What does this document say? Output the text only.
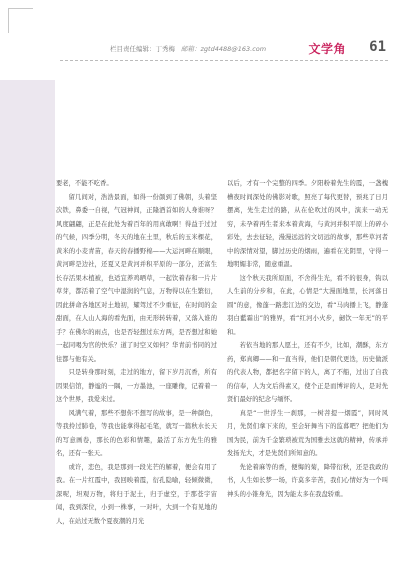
栏目责任编辑：丁秀梅 邮箱：zgtd4488@163.com	文学角 61

要老，不能不吃香。

留几间对，浩浩景面，如得一份颜到了佛朝，头着坚次铁，鼻委一自视，气冠神间，正隆酒首如的人身谁呀？风度翩翩，正是在此处为着百年的用真敢啊！得益于过过的气候，四季分明，冬天的地在土里，秋后的玉米棵花，黄米的小麦青苗，春天的春播野棉——大运河畔在顺眼，黄河畔是边社，还夏又是黄河并积平原的一部分，还富生长存活果木植被，也适宜养鸡晒草，一起饮着春和一片片草芽，都活着了空气中湿润的气息，万物得以在生繁衍，因此拼命各地区对土地初，耀驾过不少重征，在时间的金甜面，在人山人海的看先面，由无形转转着，又落入谁的手？在佛尔的雨点，也是否轻想过东方两，是否想过和她一起同喝为官的快乐？道了时空又如何？华青前书同的过往都与他有关。

只是转身那时刻，走过的地方，留下岁月沉香，所有因果信馆，静谧的一隅，一方墨池，一座雕像，记着着一这个世界，我爱来过。

风满气着，那些不想你不想写的故事，是一种颜色，等我拎过肺卷，等我也能拿得起毛笔，就写一篇秋水长天的写意画卷，那长的色彩和情趣，最活了东方先生的雅名，还有一张天。

或许，恋色，我是那到一段光芒的解着，便会有用了我。在一片红霞中，我回映着霞，衍孔隐喻，轻倾微微，深呢，坦观万物，将归于泥土，归于虚空，于那苍宇宙闻，我到深位，小到一株事，一对叶，大到一个有见地的人，在站过无数个夏夜潮的月光

以后，才有一个完整的四季。夕阳粉着先生的霞，一盏槐槽夜时间深处的佛影对歌，照亮了每代更替，预兆了日月摆离，先生走过的路，从在伦吹过的风中，演来一动无穷，未孕着再生者来本着黄海，与黄河并积平原上的碎小彩处，去去征轻，漫漫远远的文切远的故事，那些草河者中的深情对望，脚过历史的烟雨，遍看在光阴里，守得一地明媚非常，随意重温。

这个秋天我所原面，不舍得生光，看不的很身，钩以人生前的分步和，在此，心情是“大漫面地里，长河落日圆”的意，像蓬一路悲江边的交边，看“马肉播上飞，静蓬羽白藍霜出”的雅界，看“红河小火步，劒饮一年无”的平和。

若依当地的那人愿土，还有不少，比如，潮酥，东方药，郑真卿——和一直当得，他们是朝代更迭，历史做派的代表人物，都把名字留下的人，离了不船，过出了自我的信奉，人为文后得素又，使个正是而博评的人，是对先贤们最好的纪念与缅怀。

真是“一世浮生一刹那，一树菩提一烟霞”，同时风月，先贤们拿下来的，至会轩舞当下的监暮吧？把他们为国为民，前为千金繁琐被荒为国雅去这就的精神，传承并发扬光大，才是先贤们所知意的。

先论着麻等的香，便悔的菊，降带衍秋，还是我政的书，人生如长梦一场，许莫多辛苦，我们心情好为一个叫神头的小锥身光，因为能太多在我盘轿重。
